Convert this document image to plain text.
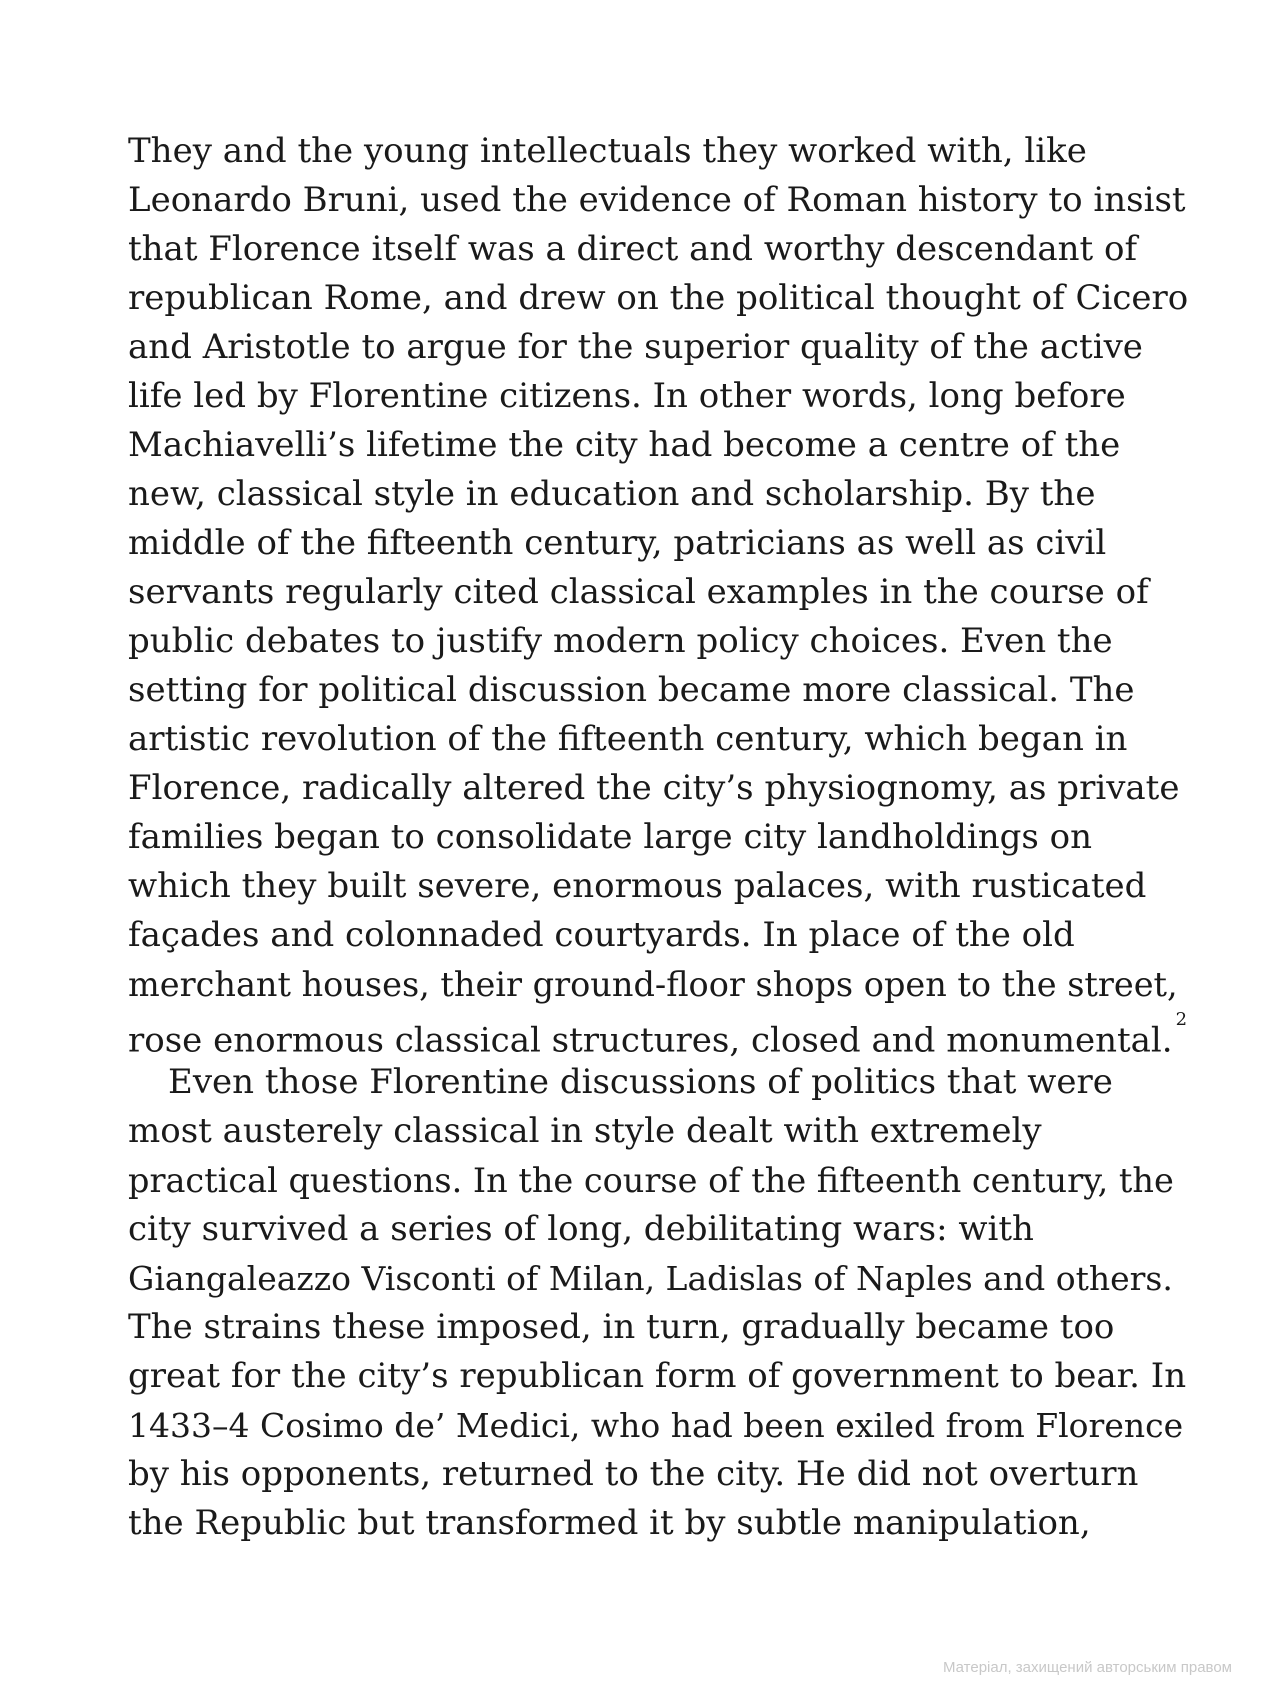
They and the young intellectuals they worked with, like
Leonardo Bruni, used the evidence of Roman history to insist
that Florence itself was a direct and worthy descendant of
republican Rome, and drew on the political thought of Cicero
and Aristotle to argue for the superior quality of the active
life led by Florentine citizens. In other words, long before
Machiavelli’s lifetime the city had become a centre of the
new, classical style in education and scholarship. By the
middle of the fifteenth century, patricians as well as civil
servants regularly cited classical examples in the course of
public debates to justify modern policy choices. Even the
setting for political discussion became more classical. The
artistic revolution of the fifteenth century, which began in
Florence, radically altered the city’s physiognomy, as private
families began to consolidate large city landholdings on
which they built severe, enormous palaces, with rusticated
façades and colonnaded courtyards. In place of the old
merchant houses, their ground-floor shops open to the street,
rose enormous classical structures, closed and monumental.$^2$
Even those Florentine discussions of politics that were
most austerely classical in style dealt with extremely
practical questions. In the course of the fifteenth century, the
city survived a series of long, debilitating wars: with
Giangaleazzo Visconti of Milan, Ladislas of Naples and others.
The strains these imposed, in turn, gradually became too
great for the city’s republican form of government to bear. In
1433–4 Cosimo de’ Medici, who had been exiled from Florence
by his opponents, returned to the city. He did not overturn
the Republic but transformed it by subtle manipulation,
Матеріал, захищений авторським правом
